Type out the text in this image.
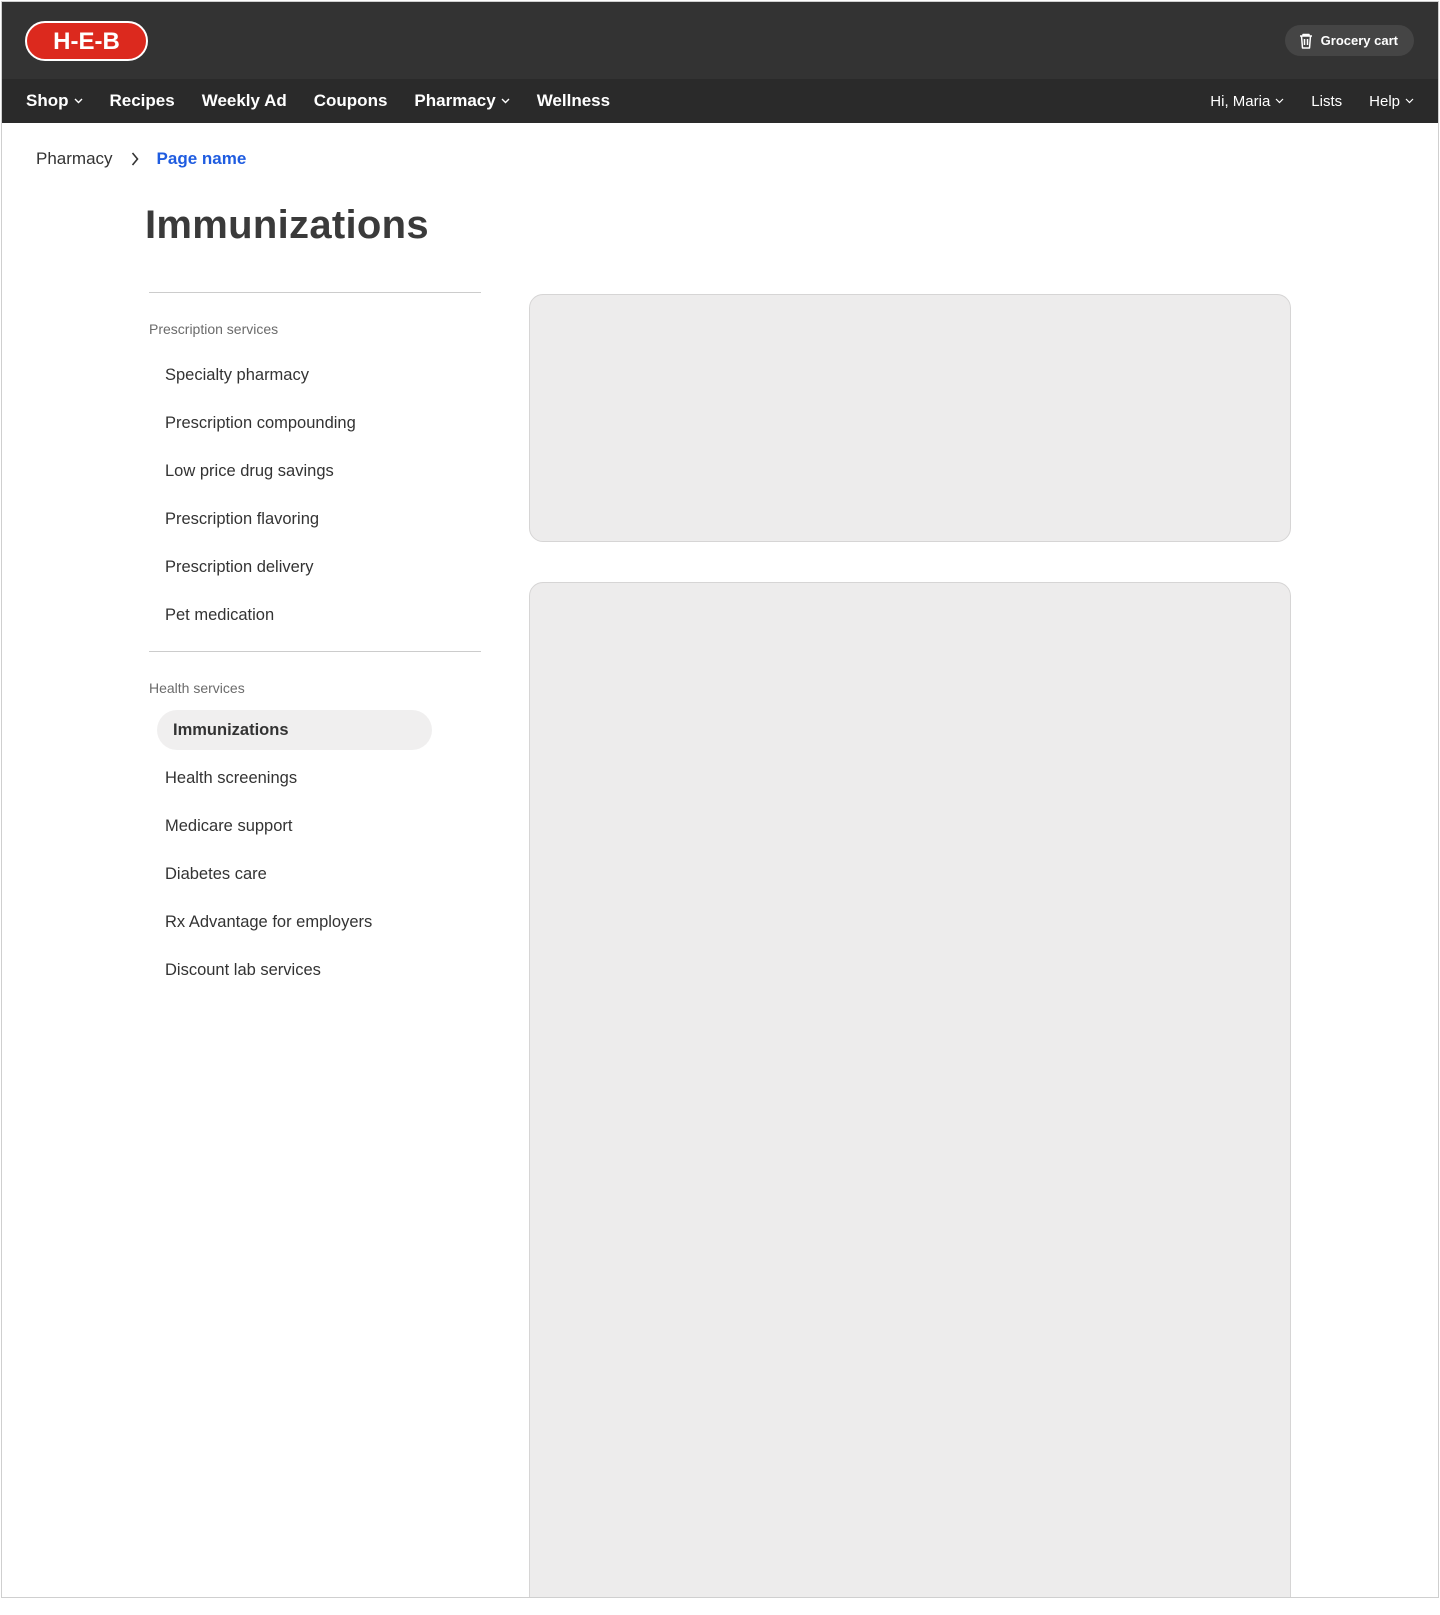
H-E-B	Grocery cart
Shop Recipes Weekly Ad Coupons Pharmacy Wellness	Hi, Maria	Lists Help
Pharmacy	Page name
Immunizations
Prescription services
Specialty pharmacy
Prescription compounding
Low price drug savings
Prescription flavoring
Prescription delivery
Pet medication
Health services
Immunizations
Health screenings
Medicare support
Diabetes care
Rx Advantage for employers
Discount lab services
